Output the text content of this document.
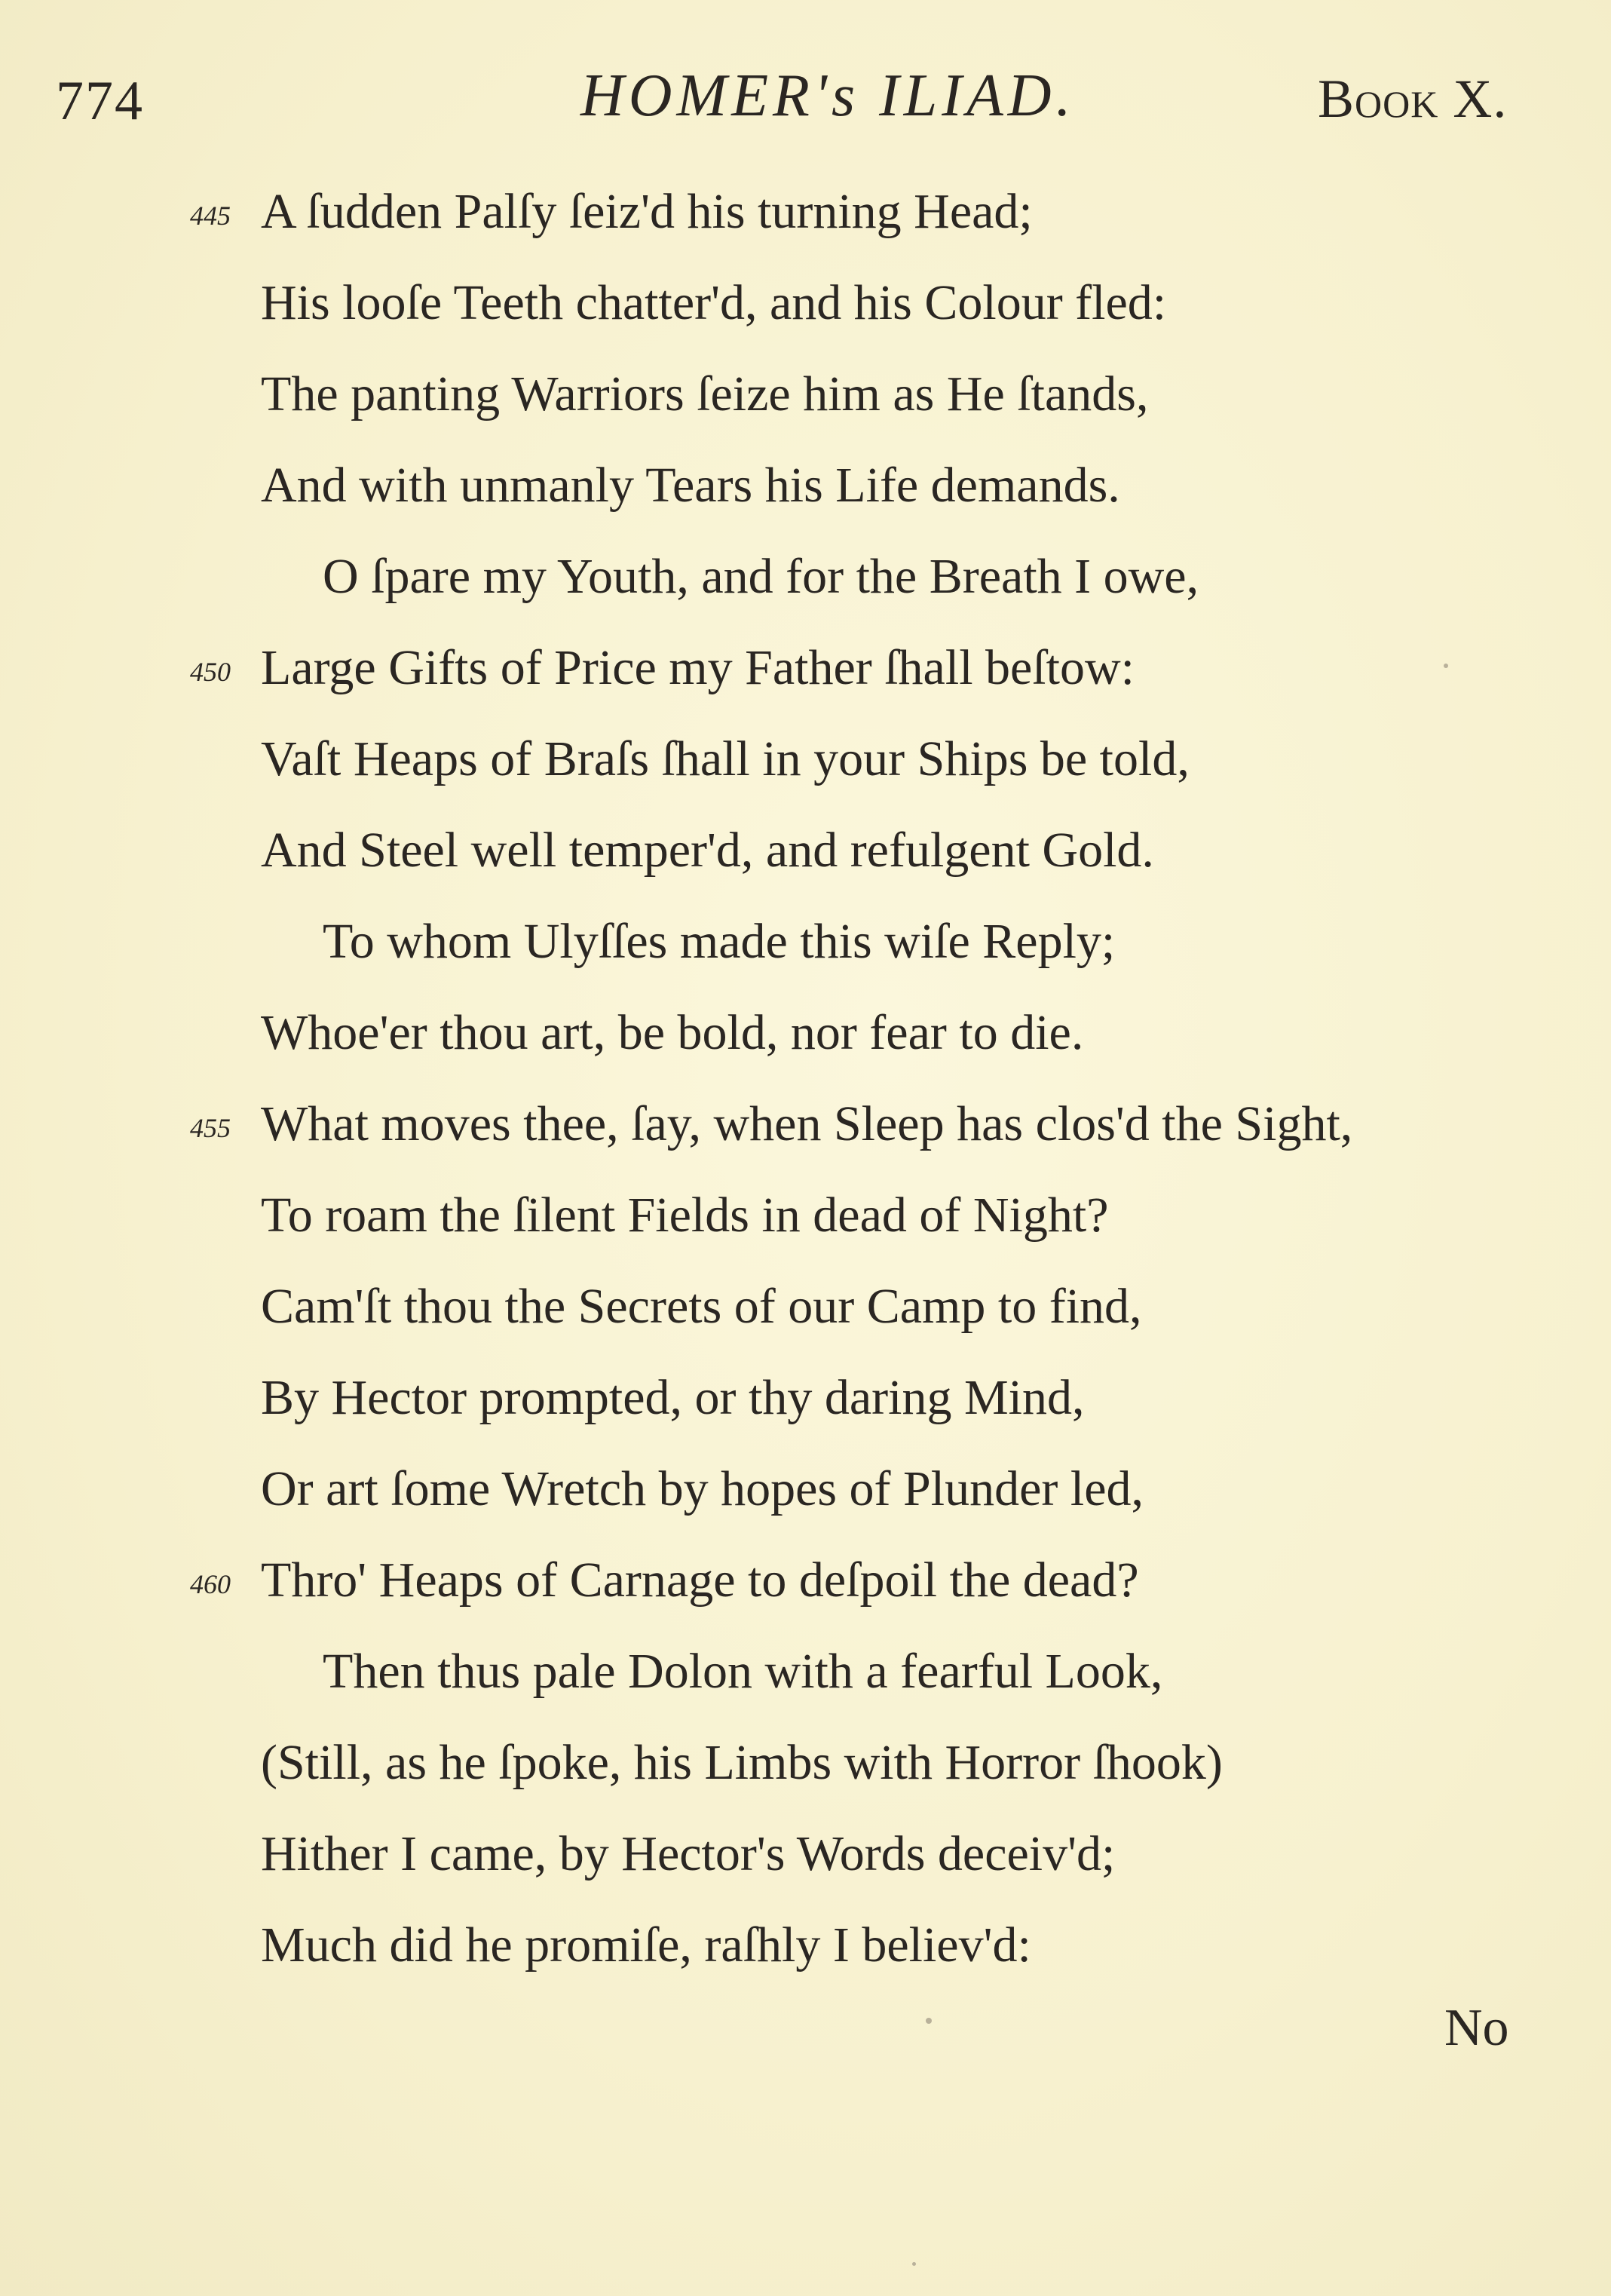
774	HOMER's ILIAD.	Book X.
445 A ſudden Palſy ſeiz'd his turning Head;
His looſe Teeth chatter'd, and his Colour fled:
The panting Warriors ſeize him as He ſtands,
And with unmanly Tears his Life demands.
O ſpare my Youth, and for the Breath I owe,
450 Large Gifts of Price my Father ſhall beſtow:
Vaſt Heaps of Braſs ſhall in your Ships be told,
And Steel well temper'd, and refulgent Gold.
To whom Ulyſſes made this wiſe Reply;
Whoe'er thou art, be bold, nor fear to die.
455 What moves thee, ſay, when Sleep has clos'd the Sight,
To roam the ſilent Fields in dead of Night?
Cam'ſt thou the Secrets of our Camp to find,
By Hector prompted, or thy daring Mind,
Or art ſome Wretch by hopes of Plunder led,
460 Thro' Heaps of Carnage to deſpoil the dead?
Then thus pale Dolon with a fearful Look,
(Still, as he ſpoke, his Limbs with Horror ſhook)
Hither I came, by Hector's Words deceiv'd;
Much did he promiſe, raſhly I believ'd:
No
